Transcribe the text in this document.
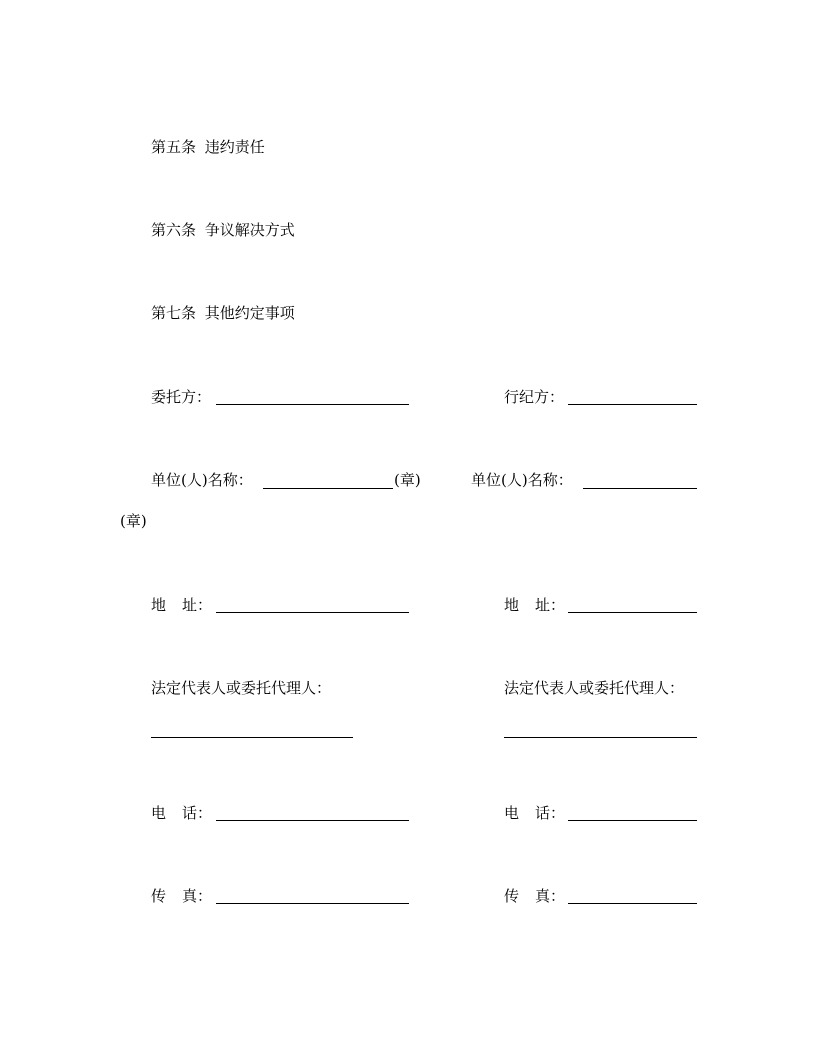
第五条 违约责任
第六条 争议解决方式
第七条 其他约定事项
委托方：	行纪方：
单位(人)名称：	(章)	单位(人)名称：
(章)
地 址：	地 址：
法定代表人或委托代理人：	法定代表人或委托代理人：
电 话：	电 话：
传 真：	传 真：
